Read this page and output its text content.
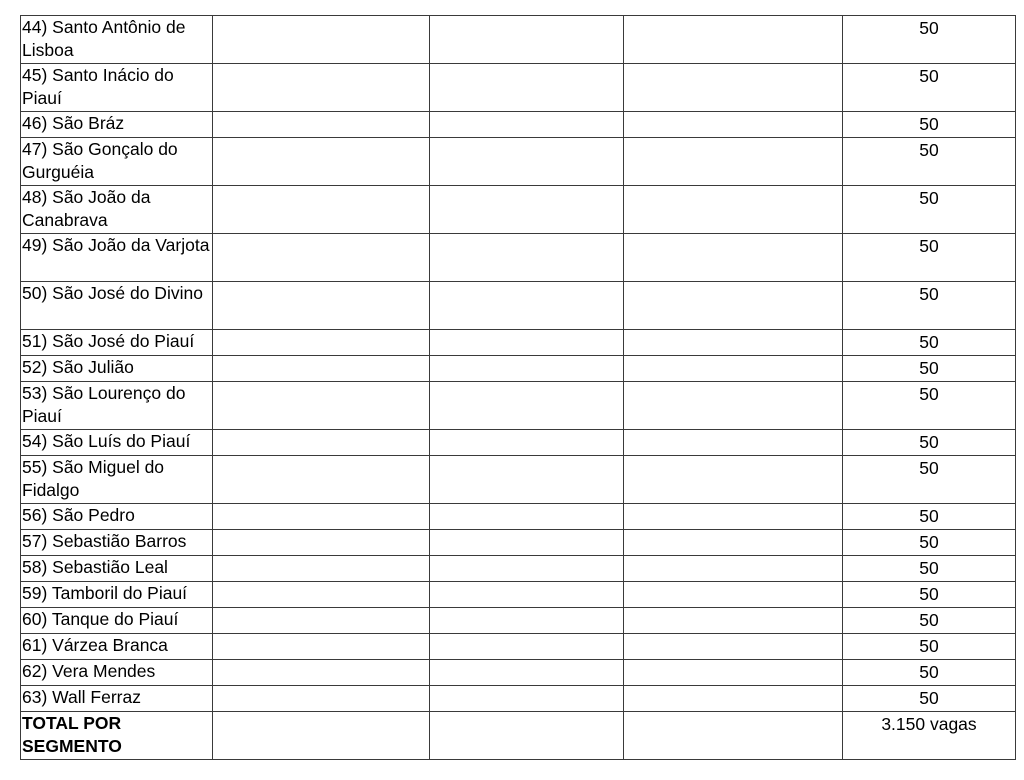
44) Santo Antônio de Lisboa				50
45) Santo Inácio do Piauí				50
46) São Bráz				50
47) São Gonçalo do Gurguéia				50
48) São João da Canabrava				50
49) São João da Varjota				50
50) São José do Divino				50
51) São José do Piauí				50
52) São Julião				50
53) São Lourenço do Piauí				50
54) São Luís do Piauí				50
55) São Miguel do Fidalgo				50
56) São Pedro				50
57) Sebastião Barros				50
58) Sebastião Leal				50
59) Tamboril do Piauí				50
60) Tanque do Piauí				50
61) Várzea Branca				50
62) Vera Mendes				50
63) Wall Ferraz				50
TOTAL POR SEGMENTO				3.150 vagas
